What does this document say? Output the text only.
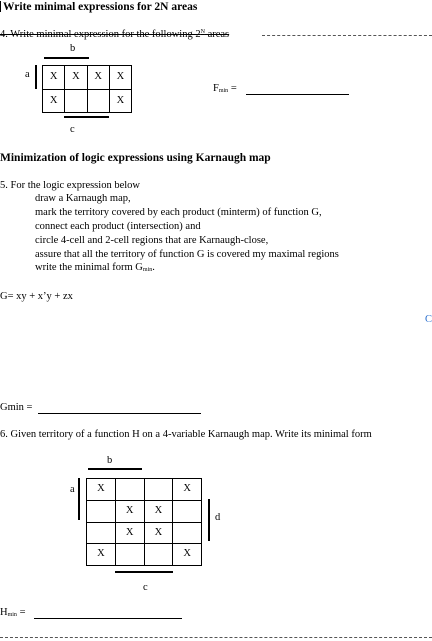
Write minimal expressions for 2N areas
4. Write minimal expression for the following $2^N$ areas
b
a X	X	X	X
X			X
c
$F_{min}$ =
Minimization of logic expressions using Karnaugh map
5. For the logic expression below
draw a Karnaugh map,
mark the territory covered by each product (minterm) of function G,
connect each product (intersection) and
circle 4-cell and 2-cell regions that are Karnaugh-close,
assure that all the territory of function G is covered my maximal regions
write the minimal form $G_{min}$.
G= xy + x’y + zx
C
Gmin =
6. Given territory of a function H on a 4-variable Karnaugh map. Write its minimal form
b
a X			X
	X	X	
	X	X	
X			X
d
c
$H_{min}$ =
